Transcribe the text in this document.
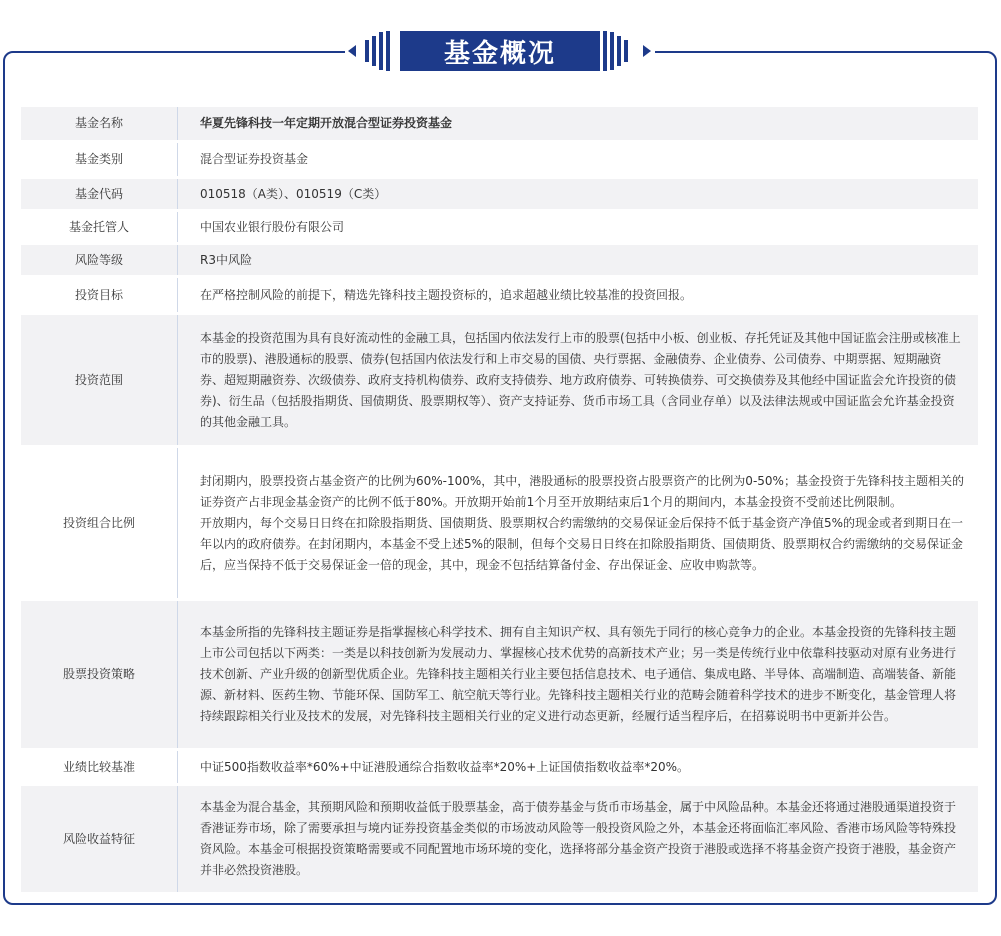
基金概况
基金名称	华夏先锋科技一年定期开放混合型证券投资基金

基金类别	混合型证券投资基金

基金代码	010518（A类）、010519（C类）

基金托管人	中国农业银行股份有限公司

风险等级	R3中风险

投资目标	在严格控制风险的前提下，精选先锋科技主题投资标的，追求超越业绩比较基准的投资回报。

投资范围	本基金的投资范围为具有良好流动性的金融工具，包括国内依法发行上市的股票(包括中小板、创业板、存托凭证及其他中国证监会注册或核准上市的股票)、港股通标的股票、债券(包括国内依法发行和上市交易的国债、央行票据、金融债券、企业债券、公司债券、中期票据、短期融资券、超短期融资券、次级债券、政府支持机构债券、政府支持债券、地方政府债券、可转换债券、可交换债券及其他经中国证监会允许投资的债券)、衍生品（包括股指期货、国债期货、股票期权等）、资产支持证券、货币市场工具（含同业存单）以及法律法规或中国证监会允许基金投资的其他金融工具。

投资组合比例	封闭期内，股票投资占基金资产的比例为60%-100%，其中，港股通标的股票投资占股票资产的比例为0-50%；基金投资于先锋科技主题相关的证券资产占非现金基金资产的比例不低于80%。开放期开始前1个月至开放期结束后1个月的期间内，本基金投资不受前述比例限制。

开放期内，每个交易日日终在扣除股指期货、国债期货、股票期权合约需缴纳的交易保证金后保持不低于基金资产净值5%的现金或者到期日在一年以内的政府债券。在封闭期内，本基金不受上述5%的限制，但每个交易日日终在扣除股指期货、国债期货、股票期权合约需缴纳的交易保证金后，应当保持不低于交易保证金一倍的现金，其中，现金不包括结算备付金、存出保证金、应收申购款等。

股票投资策略	本基金所指的先锋科技主题证券是指掌握核心科学技术、拥有自主知识产权、具有领先于同行的核心竞争力的企业。本基金投资的先锋科技主题上市公司包括以下两类：一类是以科技创新为发展动力、掌握核心技术优势的高新技术产业；另一类是传统行业中依靠科技驱动对原有业务进行技术创新、产业升级的创新型优质企业。先锋科技主题相关行业主要包括信息技术、电子通信、集成电路、半导体、高端制造、高端装备、新能源、新材料、医药生物、节能环保、国防军工、航空航天等行业。先锋科技主题相关行业的范畴会随着科学技术的进步不断变化，基金管理人将持续跟踪相关行业及技术的发展，对先锋科技主题相关行业的定义进行动态更新，经履行适当程序后，在招募说明书中更新并公告。

业绩比较基准	中证500指数收益率*60%+中证港股通综合指数收益率*20%+上证国债指数收益率*20%。

风险收益特征	本基金为混合基金，其预期风险和预期收益低于股票基金，高于债券基金与货币市场基金，属于中风险品种。本基金还将通过港股通渠道投资于香港证券市场，除了需要承担与境内证券投资基金类似的市场波动风险等一般投资风险之外，本基金还将面临汇率风险、香港市场风险等特殊投资风险。本基金可根据投资策略需要或不同配置地市场环境的变化，选择将部分基金资产投资于港股或选择不将基金资产投资于港股，基金资产并非必然投资港股。
